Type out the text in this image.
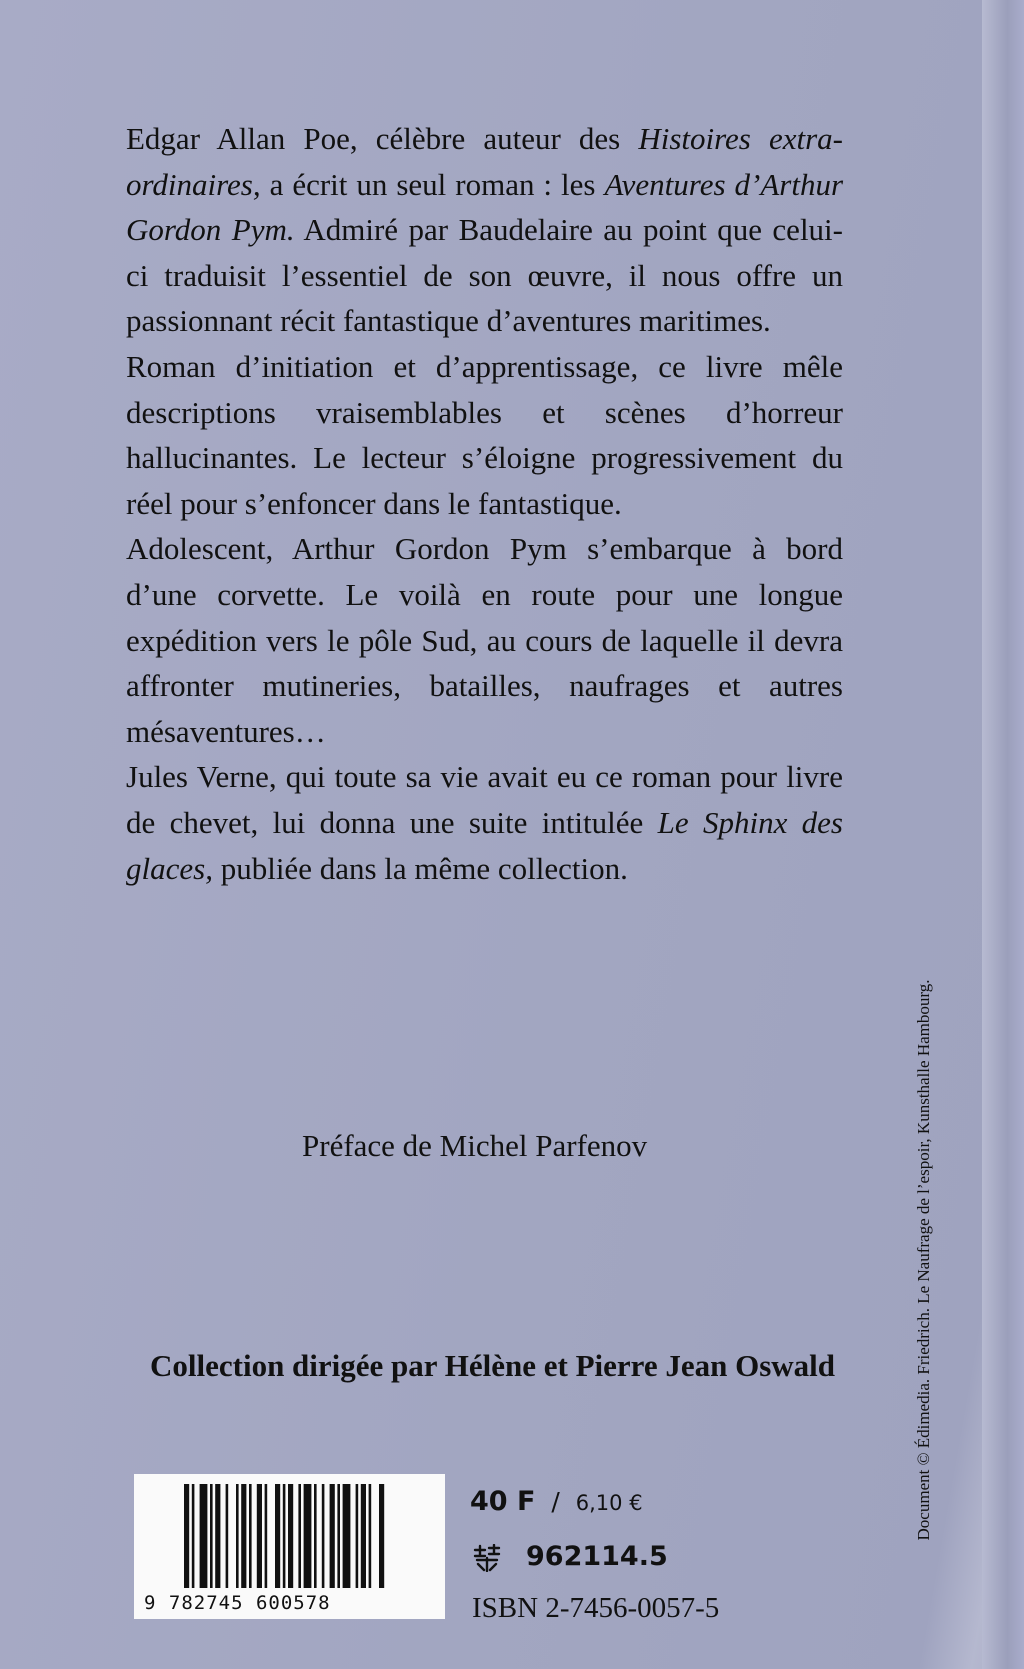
Edgar Allan Poe, célèbre auteur des Histoires extra-ordinaires, a écrit un seul roman : les Aventures d’Arthur Gordon Pym. Admiré par Baudelaire au point que celui-ci traduisit l’essentiel de son œuvre, il nous offre un passionnant récit fantastique d’aventures maritimes.

Roman d’initiation et d’apprentissage, ce livre mêle descriptions vraisemblables et scènes d’horreur hallucinantes. Le lecteur s’éloigne progressivement du réel pour s’enfoncer dans le fantastique.

Adolescent, Arthur Gordon Pym s’embarque à bord d’une corvette. Le voilà en route pour une longue expédition vers le pôle Sud, au cours de laquelle il devra affronter mutineries, batailles, naufrages et autres mésaventures…

Jules Verne, qui toute sa vie avait eu ce roman pour livre de chevet, lui donna une suite intitulée Le Sphinx des glaces, publiée dans la même collection.

Préface de Michel Parfenov
Collection dirigée par Hélène et Pierre Jean Oswald	Document © Édimedia. Friedrich. Le Naufrage de l’espoir, Kunsthalle Hambourg.
9 782745 600578
40 F / 6,10 €
962114.5
ISBN 2-7456-0057-5
